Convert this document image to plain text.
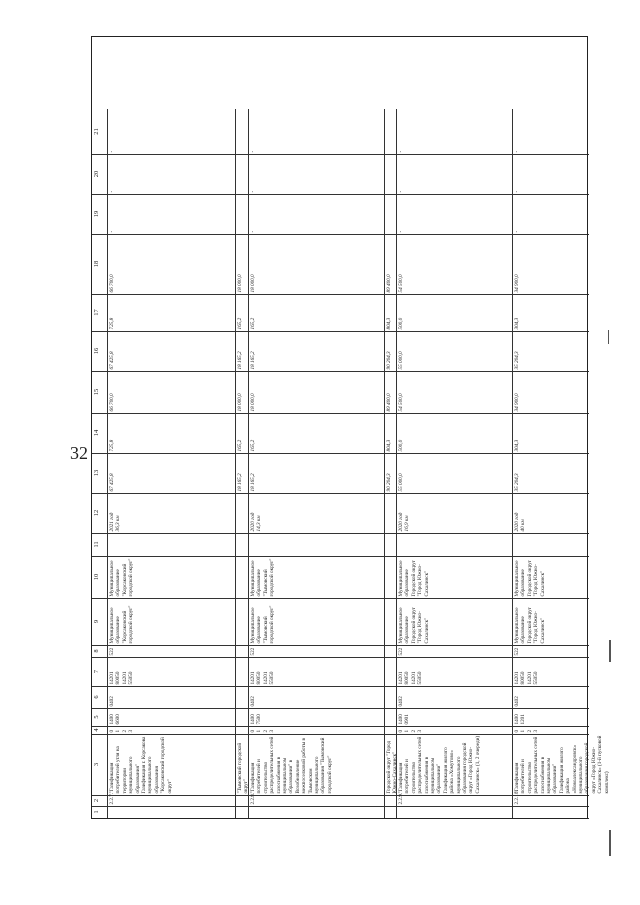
32
1
2
3
4
5
6
7
8
9
10
11
12
13
14
15
16
17
18
19
20
21
2.2.7.
"Газификация потребителей угля на территории муниципального образования" Газификация г. Корсакова муниципального образования "Корсаковский городской округ"
0
1
2
3
1400
6600
0402
14201
80050
14201
55050
522
Муниципальное образование "Корсаковский городской округ"
Муниципальное образование "Корсаковский городской округ"
2021 год
36,3 км
67 425,8
725,8
66 700,0
67 425,8
725,8
66 700,0
-
-
-
"Тымовский городской округ"
18 165,2
165,2
18 000,0
18 165,2
165,2
18 000,0
2.2.8.
"Газификация потребителей и строительство распределительных сетей газоснабжения в муниципальном образовании" в Возобновление межпоселковой работы в Тымовском муниципального образования "Тымовский городской округ"
0
1
2
3
1400
7500
0402
14201
80050
14201
55050
522
Муниципальное образование "Тымовский городской округ"
Муниципальное образование "Тымовский городской округ"
2020 год
14,3 км
18 165,2
165,2
18 000,0
18 165,2
165,2
18 000,0
-
-
-
Городской округ "Город Южно-Сахалинск"
90 204,3
804,3
89 400,0
90 204,3
804,3
89 400,0
2.2.9.
"Газификация потребителей и строительство распределительных сетей газоснабжения в муниципальном образовании" Газификация жилого района «Хомутово» муниципального образования городской округ «Город Южно-Сахалинск» (1, 2 очереди)
0
1
2
3
1400
0901
0402
14201
80050
14201
55050
522
Муниципальное образование Городской округ "Город Южно-Сахалинск"
Муниципальное образование Городской округ "Город Южно-Сахалинск"
2020 год
16,9 км
55 000,0
500,0
54 500,0
55 000,0
500,0
54 500,0
-
-
-
2.2.10.
"Газификация потребителей и строительство распределительных сетей газоснабжения в муниципальном образовании" Газификация жилого района «Новоалександровск» муниципального образования городской округ «Город Южно-Сахалинск» (1-й пусковой комплекс)
0
1
2
3
1400
1201
0402
14201
80050
14201
55050
522
Муниципальное образование Городской округ "Город Южно-Сахалинск"
Муниципальное образование Городской округ "Город Южно-Сахалинск"
2020 год
40 км
35 204,3
304,3
34 900,0
35 204,3
304,3
34 900,0
-
-
-
